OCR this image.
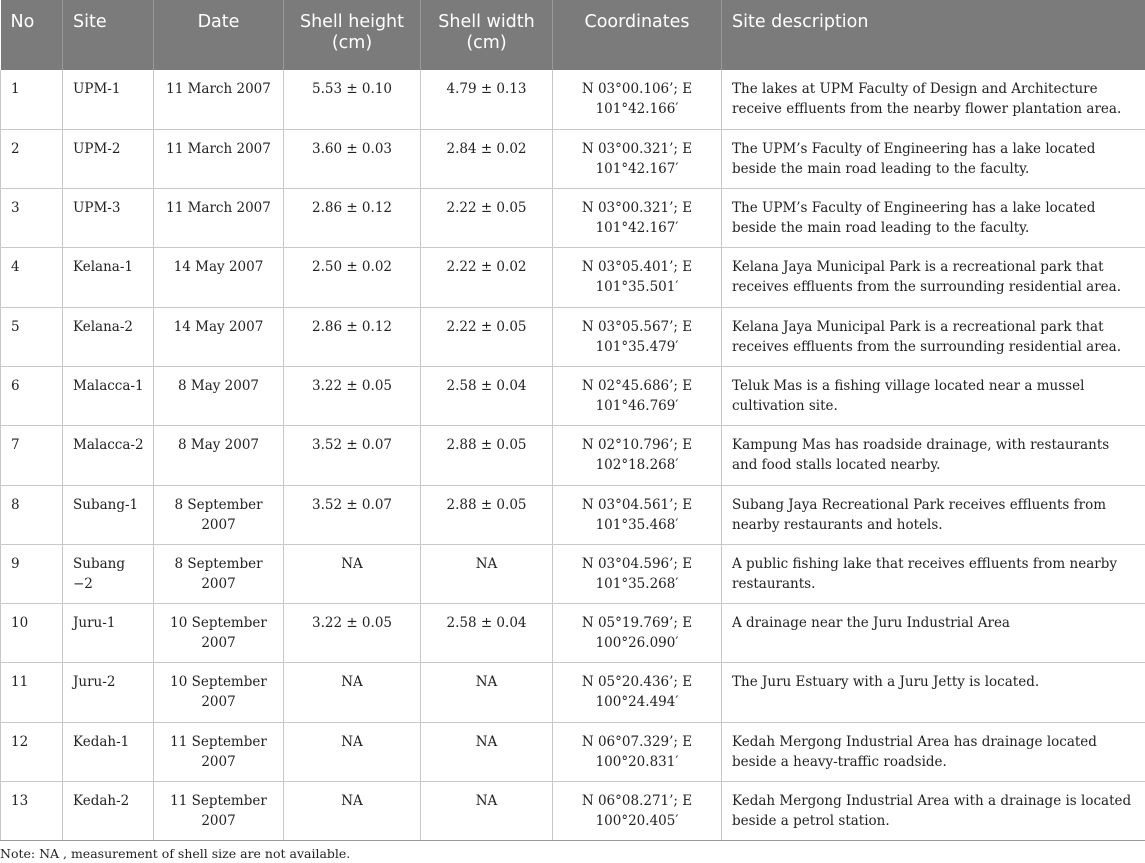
No	Site	Date	Shell height (cm)	Shell width (cm)	Coordinates	Site description
1	UPM-1	11 March 2007	5.53 ± 0.10	4.79 ± 0.13	N 03°00.106’; E 101°42.166′	The lakes at UPM Faculty of Design and Architecture receive effluents from the nearby flower plantation area.
2	UPM-2	11 March 2007	3.60 ± 0.03	2.84 ± 0.02	N 03°00.321’; E 101°42.167′	The UPM’s Faculty of Engineering has a lake located beside the main road leading to the faculty.
3	UPM-3	11 March 2007	2.86 ± 0.12	2.22 ± 0.05	N 03°00.321’; E 101°42.167′	The UPM’s Faculty of Engineering has a lake located beside the main road leading to the faculty.
4	Kelana-1	14 May 2007	2.50 ± 0.02	2.22 ± 0.02	N 03°05.401’; E 101°35.501′	Kelana Jaya Municipal Park is a recreational park that receives effluents from the surrounding residential area.
5	Kelana-2	14 May 2007	2.86 ± 0.12	2.22 ± 0.05	N 03°05.567’; E 101°35.479′	Kelana Jaya Municipal Park is a recreational park that receives effluents from the surrounding residential area.
6	Malacca-1	8 May 2007	3.22 ± 0.05	2.58 ± 0.04	N 02°45.686’; E 101°46.769′	Teluk Mas is a fishing village located near a mussel cultivation site.
7	Malacca-2	8 May 2007	3.52 ± 0.07	2.88 ± 0.05	N 02°10.796’; E 102°18.268′	Kampung Mas has roadside drainage, with restaurants and food stalls located nearby.
8	Subang-1	8 September 2007	3.52 ± 0.07	2.88 ± 0.05	N 03°04.561’; E 101°35.468′	Subang Jaya Recreational Park receives effluents from nearby restaurants and hotels.
9	Subang −2	8 September 2007	NA	NA	N 03°04.596’; E 101°35.268′	A public fishing lake that receives effluents from nearby restaurants.
10	Juru-1	10 September 2007	3.22 ± 0.05	2.58 ± 0.04	N 05°19.769’; E 100°26.090′	A drainage near the Juru Industrial Area
11	Juru-2	10 September 2007	NA	NA	N 05°20.436’; E 100°24.494′	The Juru Estuary with a Juru Jetty is located.
12	Kedah-1	11 September 2007	NA	NA	N 06°07.329’; E 100°20.831′	Kedah Mergong Industrial Area has drainage located beside a heavy-traffic roadside.
13	Kedah-2	11 September 2007	NA	NA	N 06°08.271’; E 100°20.405′	Kedah Mergong Industrial Area with a drainage is located beside a petrol station.
Note: NA , measurement of shell size are not available.
